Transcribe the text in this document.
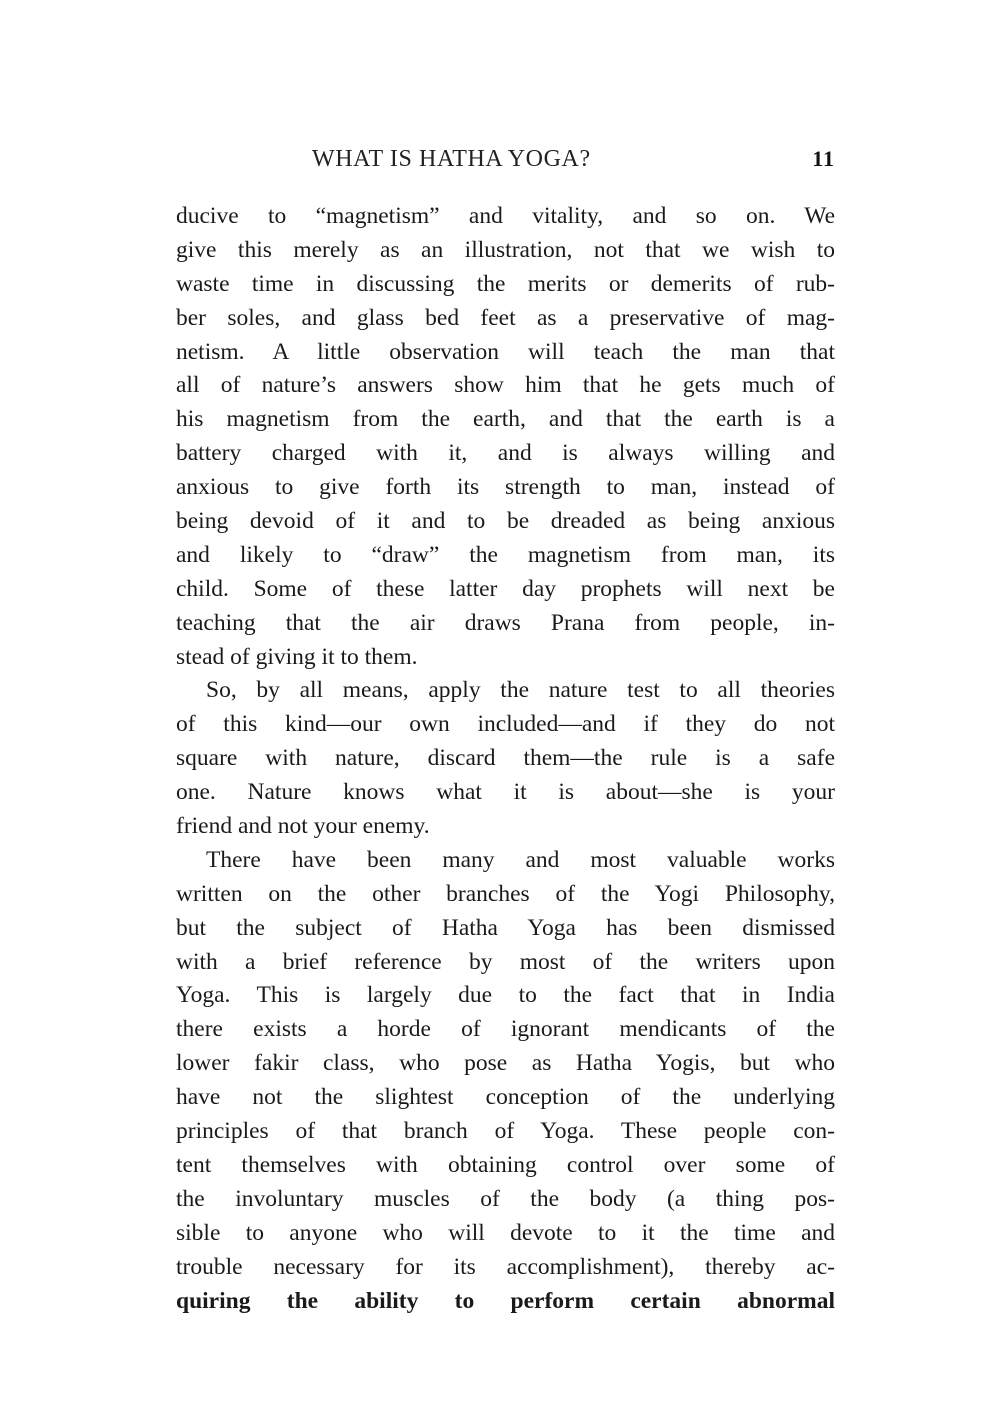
WHAT IS HATHA YOGA?	11
ducive to “magnetism” and vitality, and so on. We
give this merely as an illustration, not that we wish to
waste time in discussing the merits or demerits of rub-
ber soles, and glass bed feet as a preservative of mag-
netism. A little observation will teach the man that
all of nature’s answers show him that he gets much of
his magnetism from the earth, and that the earth is a
battery charged with it, and is always willing and
anxious to give forth its strength to man, instead of
being devoid of it and to be dreaded as being anxious
and likely to “draw” the magnetism from man, its
child. Some of these latter day prophets will next be
teaching that the air draws Prana from people, in-
stead of giving it to them.
So, by all means, apply the nature test to all theories
of this kind—our own included—and if they do not
square with nature, discard them—the rule is a safe
one. Nature knows what it is about—she is your
friend and not your enemy.
There have been many and most valuable works
written on the other branches of the Yogi Philosophy,
but the subject of Hatha Yoga has been dismissed
with a brief reference by most of the writers upon
Yoga. This is largely due to the fact that in India
there exists a horde of ignorant mendicants of the
lower fakir class, who pose as Hatha Yogis, but who
have not the slightest conception of the underlying
principles of that branch of Yoga. These people con-
tent themselves with obtaining control over some of
the involuntary muscles of the body (a thing pos-
sible to anyone who will devote to it the time and
trouble necessary for its accomplishment), thereby ac-
quiring the ability to perform certain abnormal
